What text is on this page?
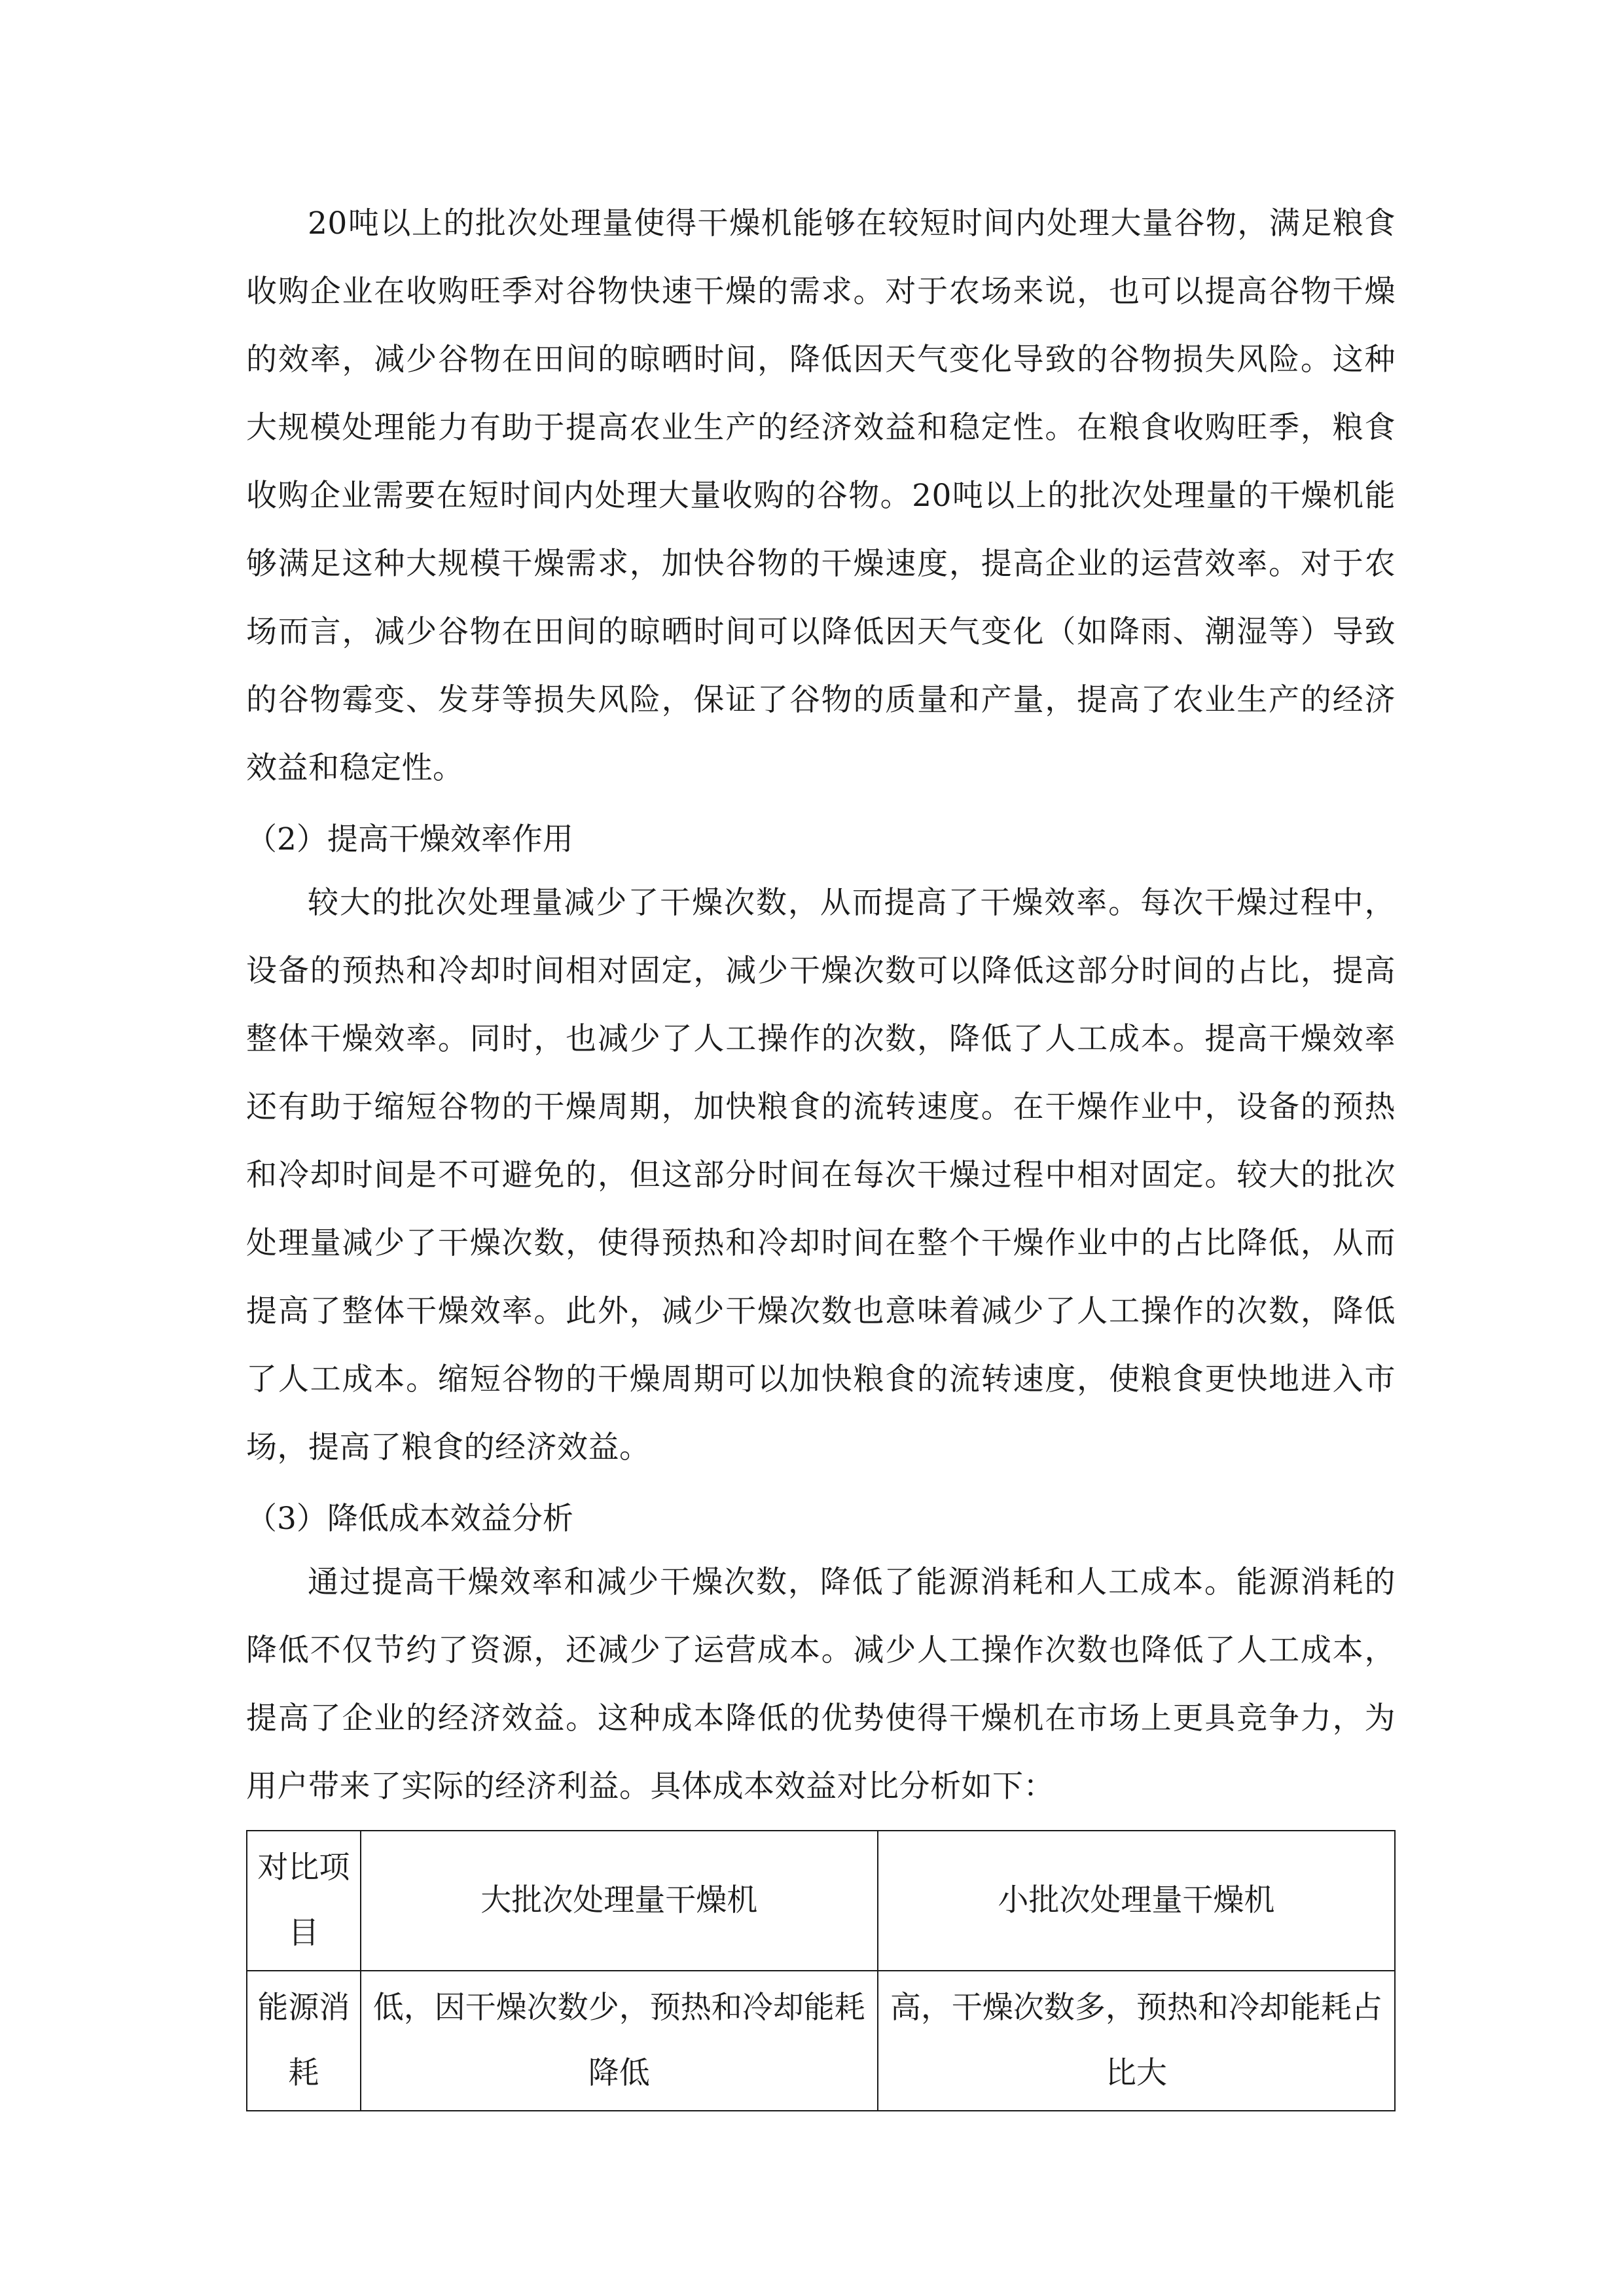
20吨以上的批次处理量使得干燥机能够在较短时间内处理大量谷物，满足粮食收购企业在收购旺季对谷物快速干燥的需求。对于农场来说，也可以提高谷物干燥的效率，减少谷物在田间的晾晒时间，降低因天气变化导致的谷物损失风险。这种大规模处理能力有助于提高农业生产的经济效益和稳定性。在粮食收购旺季，粮食收购企业需要在短时间内处理大量收购的谷物。20吨以上的批次处理量的干燥机能够满足这种大规模干燥需求，加快谷物的干燥速度，提高企业的运营效率。对于农场而言，减少谷物在田间的晾晒时间可以降低因天气变化（如降雨、潮湿等）导致的谷物霉变、发芽等损失风险，保证了谷物的质量和产量，提高了农业生产的经济效益和稳定性。

（2）提高干燥效率作用

较大的批次处理量减少了干燥次数，从而提高了干燥效率。每次干燥过程中，设备的预热和冷却时间相对固定，减少干燥次数可以降低这部分时间的占比，提高整体干燥效率。同时，也减少了人工操作的次数，降低了人工成本。提高干燥效率还有助于缩短谷物的干燥周期，加快粮食的流转速度。在干燥作业中，设备的预热和冷却时间是不可避免的，但这部分时间在每次干燥过程中相对固定。较大的批次处理量减少了干燥次数，使得预热和冷却时间在整个干燥作业中的占比降低，从而提高了整体干燥效率。此外，减少干燥次数也意味着减少了人工操作的次数，降低了人工成本。缩短谷物的干燥周期可以加快粮食的流转速度，使粮食更快地进入市场，提高了粮食的经济效益。

（3）降低成本效益分析

通过提高干燥效率和减少干燥次数，降低了能源消耗和人工成本。能源消耗的降低不仅节约了资源，还减少了运营成本。减少人工操作次数也降低了人工成本，提高了企业的经济效益。这种成本降低的优势使得干燥机在市场上更具竞争力，为用户带来了实际的经济利益。具体成本效益对比分析如下：

对比项目	大批次处理量干燥机	小批次处理量干燥机
能源消耗	低，因干燥次数少，预热和冷却能耗降低	高，干燥次数多，预热和冷却能耗占比大
